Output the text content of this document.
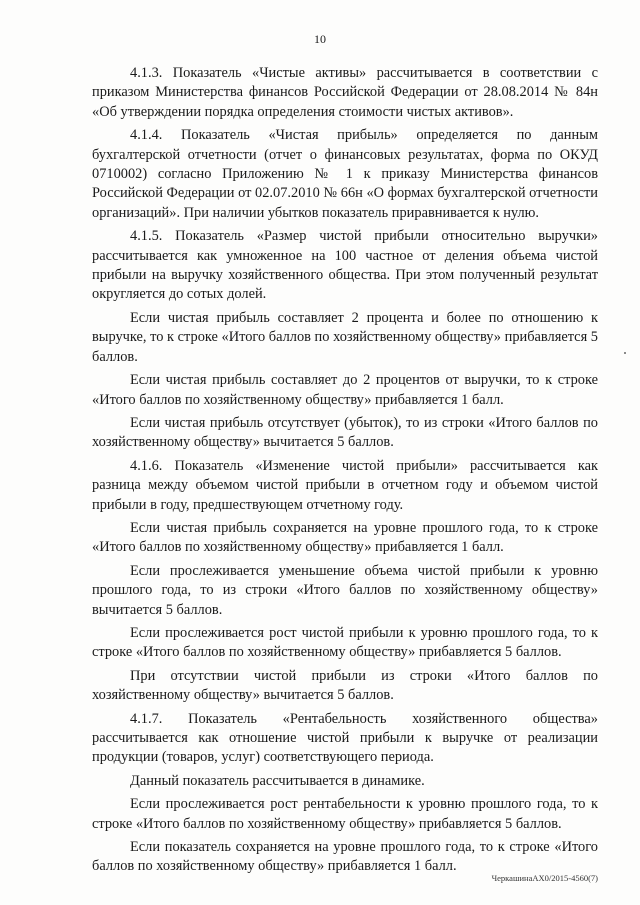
10

4.1.3. Показатель «Чистые активы» рассчитывается в соответствии с приказом Министерства финансов Российской Федерации от 28.08.2014 № 84н «Об утверждении порядка определения стоимости чистых активов».

4.1.4. Показатель «Чистая прибыль» определяется по данным бухгалтерской отчетности (отчет о финансовых результатах, форма по ОКУД 0710002) согласно Приложению № 1 к приказу Министерства финансов Российской Федерации от 02.07.2010 № 66н «О формах бухгалтерской отчетности организаций». При наличии убытков показатель приравнивается к нулю.

4.1.5. Показатель «Размер чистой прибыли относительно выручки» рассчитывается как умноженное на 100 частное от деления объема чистой прибыли на выручку хозяйственного общества. При этом полученный результат округляется до сотых долей.

Если чистая прибыль составляет 2 процента и более по отношению к выручке, то к строке «Итого баллов по хозяйственному обществу» прибавляется 5 баллов.

Если чистая прибыль составляет до 2 процентов от выручки, то к строке «Итого баллов по хозяйственному обществу» прибавляется 1 балл.

Если чистая прибыль отсутствует (убыток), то из строки «Итого баллов по хозяйственному обществу» вычитается 5 баллов.

4.1.6. Показатель «Изменение чистой прибыли» рассчитывается как разница между объемом чистой прибыли в отчетном году и объемом чистой прибыли в году, предшествующем отчетному году.

Если чистая прибыль сохраняется на уровне прошлого года, то к строке «Итого баллов по хозяйственному обществу» прибавляется 1 балл.

Если прослеживается уменьшение объема чистой прибыли к уровню прошлого года, то из строки «Итого баллов по хозяйственному обществу» вычитается 5 баллов.

Если прослеживается рост чистой прибыли к уровню прошлого года, то к строке «Итого баллов по хозяйственному обществу» прибавляется 5 баллов.

При отсутствии чистой прибыли из строки «Итого баллов по хозяйственному обществу» вычитается 5 баллов.

4.1.7. Показатель «Рентабельность хозяйственного общества» рассчитывается как отношение чистой прибыли к выручке от реализации продукции (товаров, услуг) соответствующего периода.

Данный показатель рассчитывается в динамике.

Если прослеживается рост рентабельности к уровню прошлого года, то к строке «Итого баллов по хозяйственному обществу» прибавляется 5 баллов.

Если показатель сохраняется на уровне прошлого года, то к строке «Итого баллов по хозяйственному обществу» прибавляется 1 балл.

ЧеркашинаАХ0/2015-4560(7)
